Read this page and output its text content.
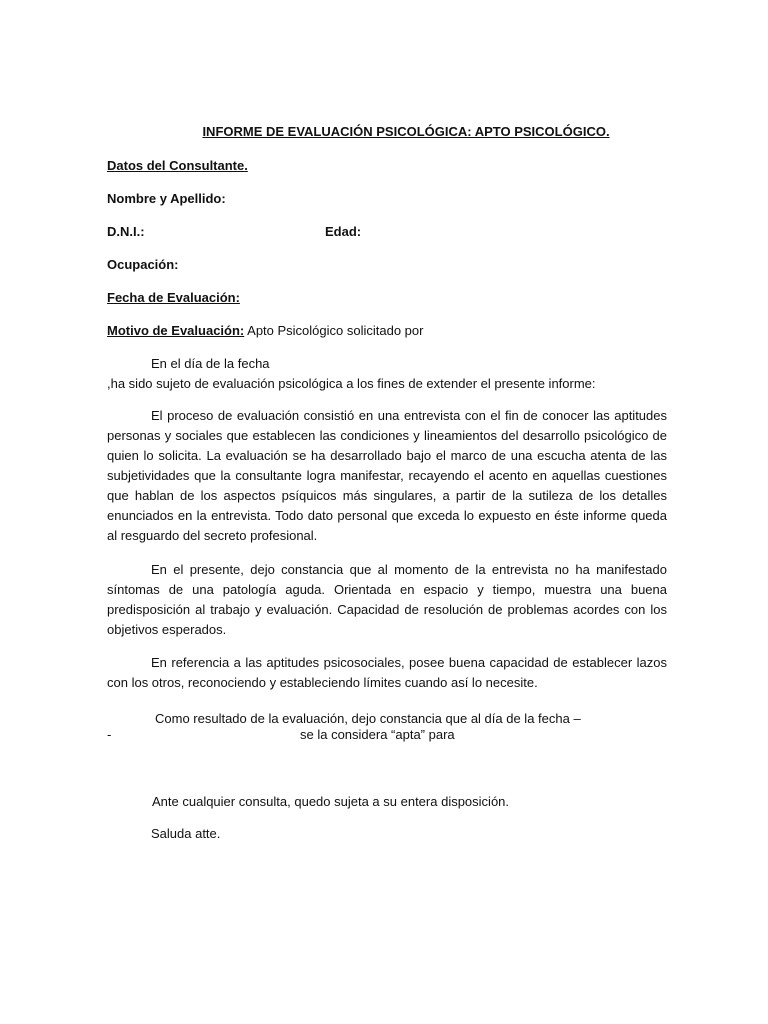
INFORME DE EVALUACIÓN PSICOLÓGICA: APTO PSICOLÓGICO.

Datos del Consultante.

Nombre y Apellido:

D.N.I.:	Edad:

Ocupación:

Fecha de Evaluación:

Motivo de Evaluación: Apto Psicológico solicitado por

En el día de la fecha

,ha sido sujeto de evaluación psicológica a los fines de extender el presente informe:

El proceso de evaluación consistió en una entrevista con el fin de conocer las aptitudes personas y sociales que establecen las condiciones y lineamientos del desarrollo psicológico de quien lo solicita. La evaluación se ha desarrollado bajo el marco de una escucha atenta de las subjetividades que la consultante logra manifestar, recayendo el acento en aquellas cuestiones que hablan de los aspectos psíquicos más singulares, a partir de la sutileza de los detalles enunciados en la entrevista. Todo dato personal que exceda lo expuesto en éste informe queda al resguardo del secreto profesional.

En el presente, dejo constancia que al momento de la entrevista no ha manifestado síntomas de una patología aguda. Orientada en espacio y tiempo, muestra una buena predisposición al trabajo y evaluación. Capacidad de resolución de problemas acordes con los objetivos esperados.

En referencia a las aptitudes psicosociales, posee buena capacidad de establecer lazos con los otros, reconociendo y estableciendo límites cuando así lo necesite.

Como resultado de la evaluación, dejo constancia que al día de la fecha –

-	se la considera “apta” para

Ante cualquier consulta, quedo sujeta a su entera disposición.

Saluda atte.
